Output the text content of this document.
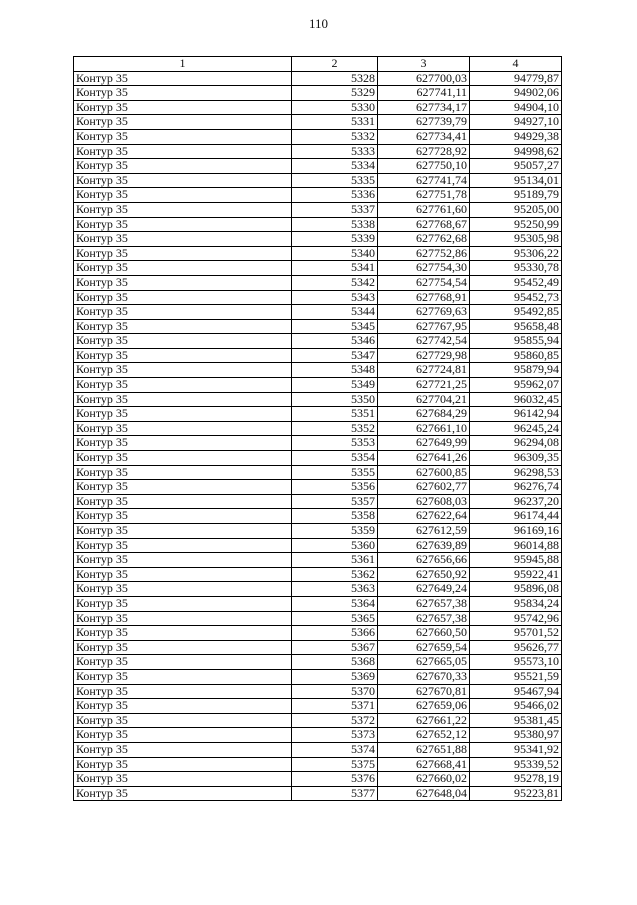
110
1	2	3	4
Контур 35	5328	627700,03	94779,87
Контур 35	5329	627741,11	94902,06
Контур 35	5330	627734,17	94904,10
Контур 35	5331	627739,79	94927,10
Контур 35	5332	627734,41	94929,38
Контур 35	5333	627728,92	94998,62
Контур 35	5334	627750,10	95057,27
Контур 35	5335	627741,74	95134,01
Контур 35	5336	627751,78	95189,79
Контур 35	5337	627761,60	95205,00
Контур 35	5338	627768,67	95250,99
Контур 35	5339	627762,68	95305,98
Контур 35	5340	627752,86	95306,22
Контур 35	5341	627754,30	95330,78
Контур 35	5342	627754,54	95452,49
Контур 35	5343	627768,91	95452,73
Контур 35	5344	627769,63	95492,85
Контур 35	5345	627767,95	95658,48
Контур 35	5346	627742,54	95855,94
Контур 35	5347	627729,98	95860,85
Контур 35	5348	627724,81	95879,94
Контур 35	5349	627721,25	95962,07
Контур 35	5350	627704,21	96032,45
Контур 35	5351	627684,29	96142,94
Контур 35	5352	627661,10	96245,24
Контур 35	5353	627649,99	96294,08
Контур 35	5354	627641,26	96309,35
Контур 35	5355	627600,85	96298,53
Контур 35	5356	627602,77	96276,74
Контур 35	5357	627608,03	96237,20
Контур 35	5358	627622,64	96174,44
Контур 35	5359	627612,59	96169,16
Контур 35	5360	627639,89	96014,88
Контур 35	5361	627656,66	95945,88
Контур 35	5362	627650,92	95922,41
Контур 35	5363	627649,24	95896,08
Контур 35	5364	627657,38	95834,24
Контур 35	5365	627657,38	95742,96
Контур 35	5366	627660,50	95701,52
Контур 35	5367	627659,54	95626,77
Контур 35	5368	627665,05	95573,10
Контур 35	5369	627670,33	95521,59
Контур 35	5370	627670,81	95467,94
Контур 35	5371	627659,06	95466,02
Контур 35	5372	627661,22	95381,45
Контур 35	5373	627652,12	95380,97
Контур 35	5374	627651,88	95341,92
Контур 35	5375	627668,41	95339,52
Контур 35	5376	627660,02	95278,19
Контур 35	5377	627648,04	95223,81
